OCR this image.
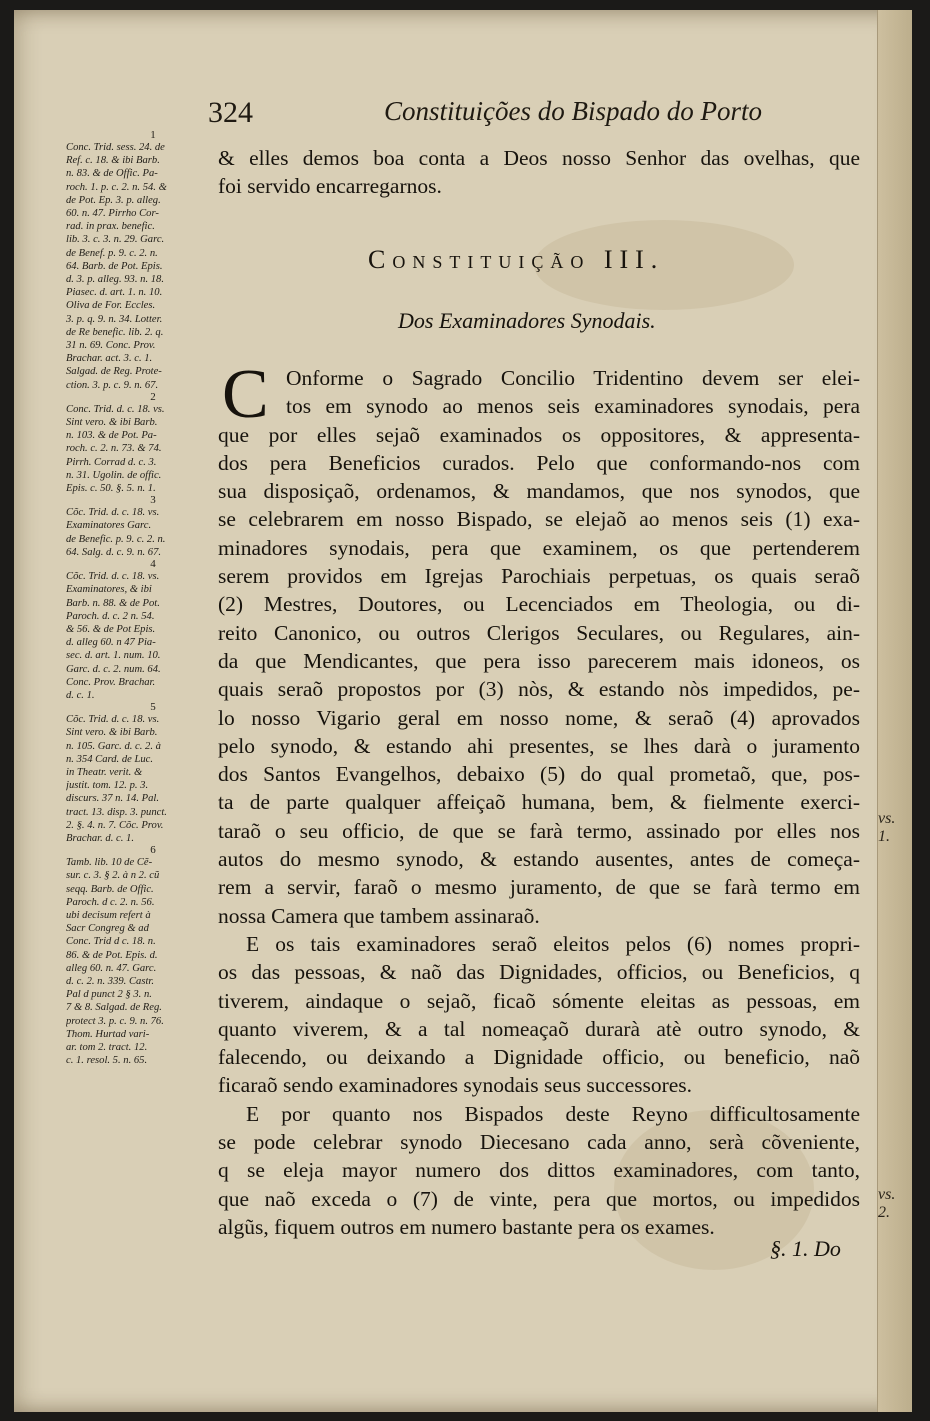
vs. 1.
vs. 2.
324	Constituições do Bispado do Porto
1
Conc. Trid. sess. 24. de
Ref. c. 18. & ibi Barb.
n. 83. & de Offic. Pa-
roch. 1. p. c. 2. n. 54. &
de Pot. Ep. 3. p. alleg.
60. n. 47. Pirrho Cor-
rad. in prax. benefic.
lib. 3. c. 3. n. 29. Garc.
de Benef. p. 9. c. 2. n.
64. Barb. de Pot. Epis.
d. 3. p. alleg. 93. n. 18.
Piasec. d. art. 1. n. 10.
Oliva de For. Eccles.
3. p. q. 9. n. 34. Lotter.
de Re benefic. lib. 2. q.
31 n. 69. Conc. Prov.
Brachar. act. 3. c. 1.
Salgad. de Reg. Prote-
ction. 3. p. c. 9. n. 67.
2
Conc. Trid. d. c. 18. vs.
Sint vero. & ibi Barb.
n. 103. & de Pot. Pa-
roch. c. 2. n. 73. & 74.
Pirrh. Corrad d. c. 3.
n. 31. Ugolin. de offic.
Epis. c. 50. §. 5. n. 1.
3
Cõc. Trid. d. c. 18. vs.
Examinatores Garc.
de Benefic. p. 9. c. 2. n.
64. Salg. d. c. 9. n. 67.
4
Cõc. Trid. d. c. 18. vs.
Examinatores, & ibi
Barb. n. 88. & de Pot.
Paroch. d. c. 2 n. 54.
& 56. & de Pot Epis.
d. alleg 60. n 47 Pia-
sec. d. art. 1. num. 10.
Garc. d. c. 2. num. 64.
Conc. Prov. Brachar.
d. c. 1.
5
Cõc. Trid. d. c. 18. vs.
Sint vero. & ibi Barb.
n. 105. Garc. d. c. 2. à
n. 354 Card. de Luc.
in Theatr. verit. &
justit. tom. 12. p. 3.
discurs. 37 n. 14. Pal.
tract. 13. disp. 3. punct.
2. §. 4. n. 7. Cõc. Prov.
Brachar. d. c. 1.
6
Tamb. lib. 10 de Cẽ-
sur. c. 3. § 2. à n 2. cũ
seqq. Barb. de Offic.
Paroch. d c. 2. n. 56.
ubi decisum refert à
Sacr Congreg & ad
Conc. Trid d c. 18. n.
86. & de Pot. Epis. d.
alleg 60. n. 47. Garc.
d. c. 2. n. 339. Castr.
Pal d punct 2 § 3. n.
7 & 8. Salgad. de Reg.
protect 3. p. c. 9. n. 76.
Thom. Hurtad vari-
ar. tom 2. tract. 12.
c. 1. resol. 5. n. 65.
& elles demos boa conta a Deos nosso Senhor das ovelhas, que
foi servido encarregarnos.
Constituição III.
Dos Examinadores Synodais.
C Onforme o Sagrado Concilio Tridentino devem ser elei-
tos em synodo ao menos seis examinadores synodais, pera
que por elles sejaõ examinados os oppositores, & appresenta-
dos pera Beneficios curados. Pelo que conformando-nos com
sua disposiçaõ, ordenamos, & mandamos, que nos synodos, que
se celebrarem em nosso Bispado, se elejaõ ao menos seis (1) exa-
minadores synodais, pera que examinem, os que pertenderem
serem providos em Igrejas Parochiais perpetuas, os quais seraõ
(2) Mestres, Doutores, ou Lecenciados em Theologia, ou di-
reito Canonico, ou outros Clerigos Seculares, ou Regulares, ain-
da que Mendicantes, que pera isso parecerem mais idoneos, os
quais seraõ propostos por (3) nòs, & estando nòs impedidos, pe-
lo nosso Vigario geral em nosso nome, & seraõ (4) aprovados
pelo synodo, & estando ahi presentes, se lhes darà o juramento
dos Santos Evangelhos, debaixo (5) do qual prometaõ, que, pos-
ta de parte qualquer affeiçaõ humana, bem, & fielmente exerci-
taraõ o seu officio, de que se farà termo, assinado por elles nos
autos do mesmo synodo, & estando ausentes, antes de começa-
rem a servir, faraõ o mesmo juramento, de que se farà termo em
nossa Camera que tambem assinaraõ.
E os tais examinadores seraõ eleitos pelos (6) nomes propri-
os das pessoas, & naõ das Dignidades, officios, ou Beneficios, q
tiverem, aindaque o sejaõ, ficaõ sómente eleitas as pessoas, em
quanto viverem, & a tal nomeaçaõ durarà atè outro synodo, &
falecendo, ou deixando a Dignidade officio, ou beneficio, naõ
ficaraõ sendo examinadores synodais seus successores.
E por quanto nos Bispados deste Reyno difficultosamente
se pode celebrar synodo Diecesano cada anno, serà cõveniente,
q se eleja mayor numero dos dittos examinadores, com tanto,
que naõ exceda o (7) de vinte, pera que mortos, ou impedidos
algũs, fiquem outros em numero bastante pera os exames.
§. 1. Do
